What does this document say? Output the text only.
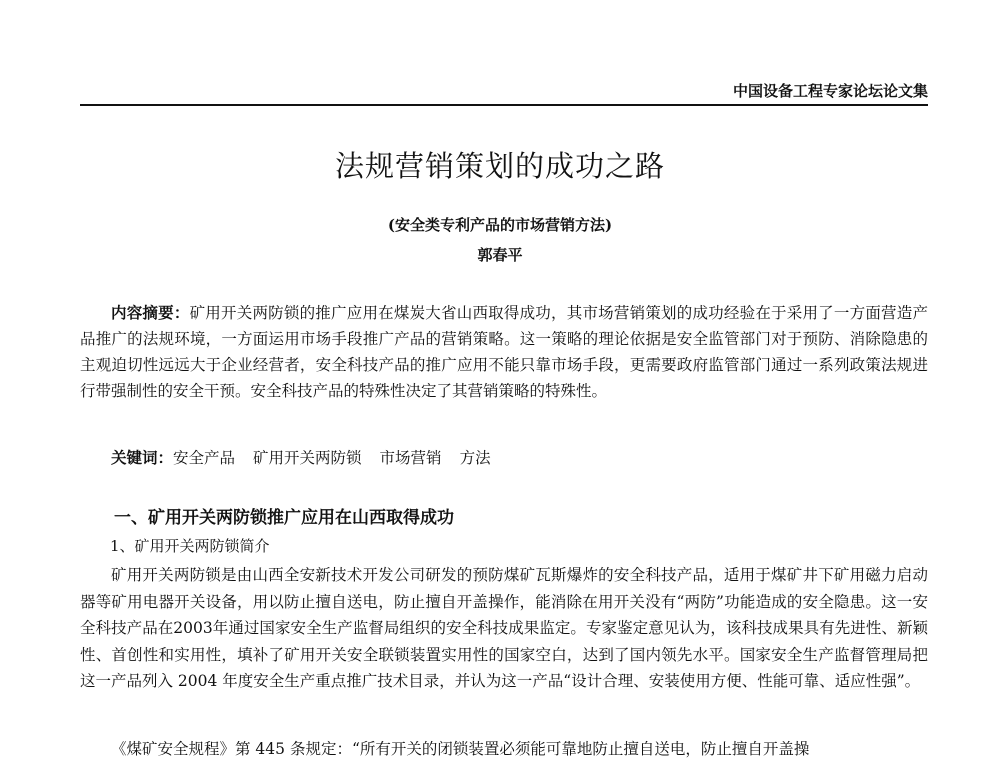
中国设备工程专家论坛论文集
法规营销策划的成功之路
(安全类专利产品的市场营销方法)
郭春平

内容摘要：矿用开关两防锁的推广应用在煤炭大省山西取得成功，其市场营销策划的成功经验在于采用了一方面营造产品推广的法规环境，一方面运用市场手段推广产品的营销策略。这一策略的理论依据是安全监管部门对于预防、消除隐患的主观迫切性远远大于企业经营者，安全科技产品的推广应用不能只靠市场手段，更需要政府监管部门通过一系列政策法规进行带强制性的安全干预。安全科技产品的特殊性决定了其营销策略的特殊性。

关键词：安全产品 矿用开关两防锁 市场营销 方法

一、矿用开关两防锁推广应用在山西取得成功
1、矿用开关两防锁简介

矿用开关两防锁是由山西全安新技术开发公司研发的预防煤矿瓦斯爆炸的安全科技产品，适用于煤矿井下矿用磁力启动器等矿用电器开关设备，用以防止擅自送电，防止擅自开盖操作，能消除在用开关没有“两防”功能造成的安全隐患。这一安全科技产品在2003年通过国家安全生产监督局组织的安全科技成果监定。专家鉴定意见认为，该科技成果具有先进性、新颖性、首创性和实用性，填补了矿用开关安全联锁装置实用性的国家空白，达到了国内领先水平。国家安全生产监督管理局把这一产品列入 2004 年度安全生产重点推广技术目录，并认为这一产品“设计合理、安装使用方便、性能可靠、适应性强”。

《煤矿安全规程》第 445 条规定：“所有开关的闭锁装置必须能可靠地防止擅自送电，防止擅自开盖操
